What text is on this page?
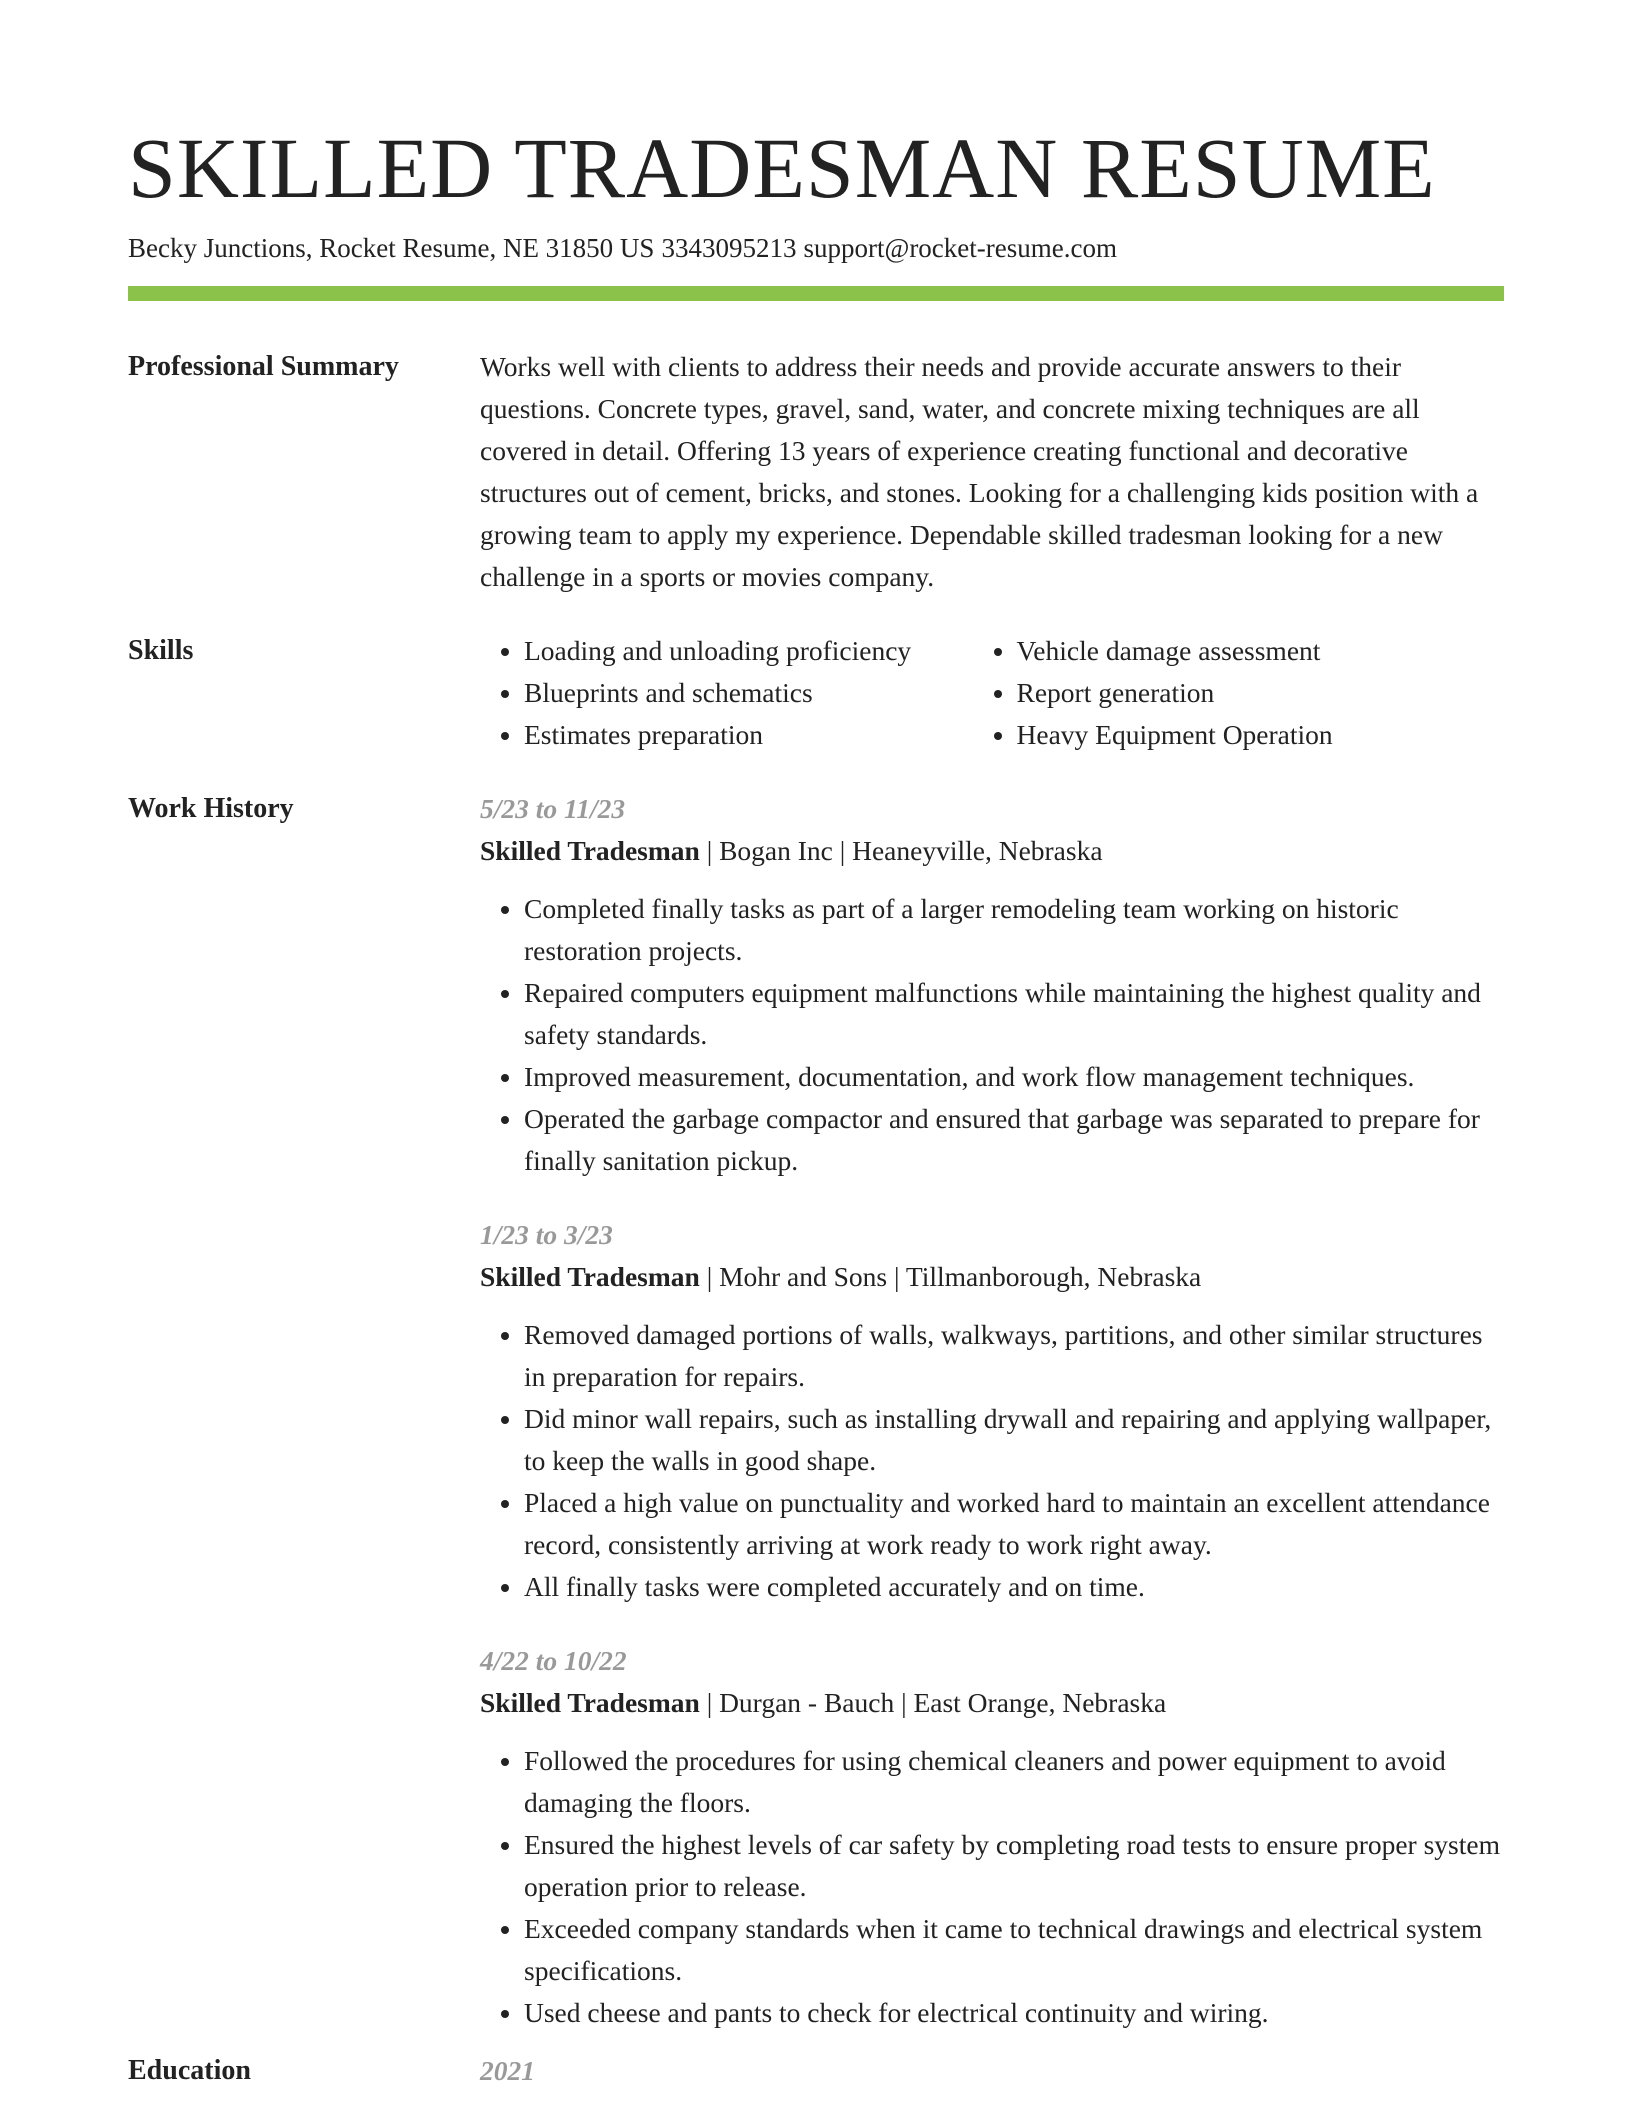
SKILLED TRADESMAN RESUME
Becky Junctions, Rocket Resume, NE 31850 US 3343095213 support@rocket-resume.com
Professional Summary	Works well with clients to address their needs and provide accurate answers to their questions. Concrete types, gravel, sand, water, and concrete mixing techniques are all covered in detail. Offering 13 years of experience creating functional and decorative structures out of cement, bricks, and stones. Looking for a challenging kids position with a growing team to apply my experience. Dependable skilled tradesman looking for a new challenge in a sports or movies company.

Skills
•	Loading and unloading proficiency
• Blueprints and schematics
• Estimates preparation
• Vehicle damage assessment
• Report generation
• Heavy Equipment Operation
Work History	5/23 to 11/23
Skilled Tradesman | Bogan Inc | Heaneyville, Nebraska
• Completed finally tasks as part of a larger remodeling team working on historic restoration projects.
• Repaired computers equipment malfunctions while maintaining the highest quality and safety standards.
• Improved measurement, documentation, and work flow management techniques.
• Operated the garbage compactor and ensured that garbage was separated to prepare for finally sanitation pickup.
1/23 to 3/23
Skilled Tradesman | Mohr and Sons | Tillmanborough, Nebraska
• Removed damaged portions of walls, walkways, partitions, and other similar structures in preparation for repairs.
• Did minor wall repairs, such as installing drywall and repairing and applying wallpaper, to keep the walls in good shape.
• Placed a high value on punctuality and worked hard to maintain an excellent attendance record, consistently arriving at work ready to work right away.
• All finally tasks were completed accurately and on time.
4/22 to 10/22
Skilled Tradesman | Durgan - Bauch | East Orange, Nebraska
• Followed the procedures for using chemical cleaners and power equipment to avoid damaging the floors.
• Ensured the highest levels of car safety by completing road tests to ensure proper system operation prior to release.
• Exceeded company standards when it came to technical drawings and electrical system specifications.
• Used cheese and pants to check for electrical continuity and wiring.
Education	2021
